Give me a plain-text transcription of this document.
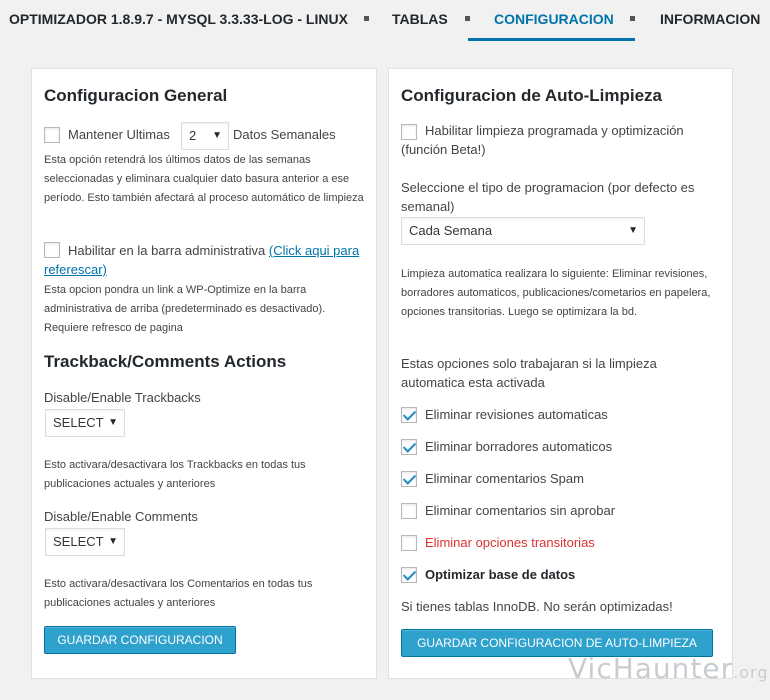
OPTIMIZADOR 1.8.9.7 - MYSQL 3.3.33-LOG - LINUX	TABLAS	CONFIGURACION	INFORMACION
Configuracion General
Mantener Ultimas	2 ▼ Datos Semanales
Esta opción retendrá los últimos datos de las semanas seleccionadas y eliminara cualquier dato basura anterior a ese período. Esto también afectará al proceso automático de limpieza
Habilitar en la barra administrativa (Click aqui para referescar)
Esta opcion pondra un link a WP-Optimize en la barra administrativa de arriba (predeterminado es desactivado). Requiere refresco de pagina
Trackback/Comments Actions
Disable/Enable Trackbacks
SELECT ▼
Esto activara/desactivara los Trackbacks en todas tus publicaciones actuales y anteriores
Disable/Enable Comments
SELECT ▼
Esto activara/desactivara los Comentarios en todas tus publicaciones actuales y anteriores
GUARDAR CONFIGURACION
Configuracion de Auto-Limpieza
Habilitar limpieza programada y optimización (función Beta!)
Seleccione el tipo de programacion (por defecto es semanal)
Cada Semana	▼
Limpieza automatica realizara lo siguiente: Eliminar revisiones, borradores automaticos, publicaciones/cometarios en papelera, opciones transitorias. Luego se optimizara la bd.
Estas opciones solo trabajaran si la limpieza automatica esta activada
Eliminar revisiones automaticas
Eliminar borradores automaticos
Eliminar comentarios Spam
Eliminar comentarios sin aprobar
Eliminar opciones transitorias
Optimizar base de datos
Si tienes tablas InnoDB. No serán optimizadas!
GUARDAR CONFIGURACION DE AUTO-LIMPIEZA
VicHaunter.org
